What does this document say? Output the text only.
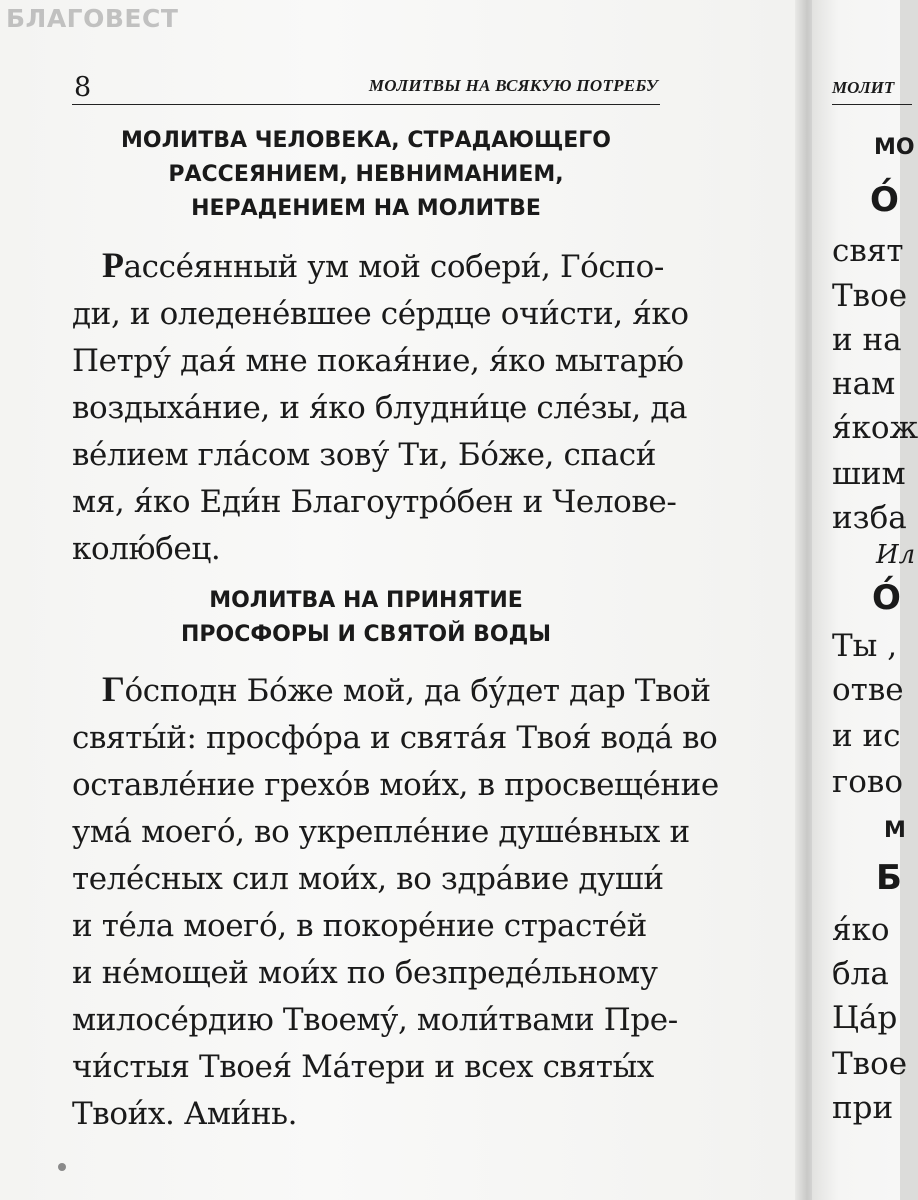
БЛАГОВЕСТ

8	МОЛИТВЫ НА ВСЯКУЮ ПОТРЕБУ
МОЛИТВА ЧЕЛОВЕКА, СТРАДАЮЩЕГО
РАССЕЯНИЕМ, НЕВНИМАНИЕМ,
НЕРАДЕНИЕМ НА МОЛИТВЕ
Рассе́янный ум мой собери́, Го́спо-
ди, и оледене́вшее се́рдце очи́сти, я́ко
Петру́ дая́ мне покая́ние, я́ко мытарю́
воздыха́ние, и я́ко блудни́це сле́зы, да
ве́лием гла́сом зову́ Ти, Бо́же, спаси́
мя, я́ко Еди́н Благоутро́бен и Челове-
колю́бец.
МОЛИТВА НА ПРИНЯТИЕ
ПРОСФОРЫ И СВЯТОЙ ВОДЫ
Го́сподн Бо́же мой, да бу́дет дар Твой
святы́й: просфо́ра и свята́я Твоя́ вода́ во
оставле́ние грехо́в мои́х, в просвеще́ние
ума́ моего́, во укрепле́ние душе́вных и
теле́сных сил мои́х, во здра́вие души́
и те́ла моего́, в покоре́ние страсте́й
и не́мощей мои́х по безпреде́льному
милосе́рдию Твоему́, моли́твами Пре-
чи́стыя Твоея́ Ма́тери и всех святы́х
Твои́х. Ами́нь.
МОЛИТ
МО
О́
свят
Твое
и на
нам
я́кож
шим
изба
Ил
О́
Ты ,
отве
и ис
гово
М
Б
я́ко
бла
Ца́р
Твое
при
